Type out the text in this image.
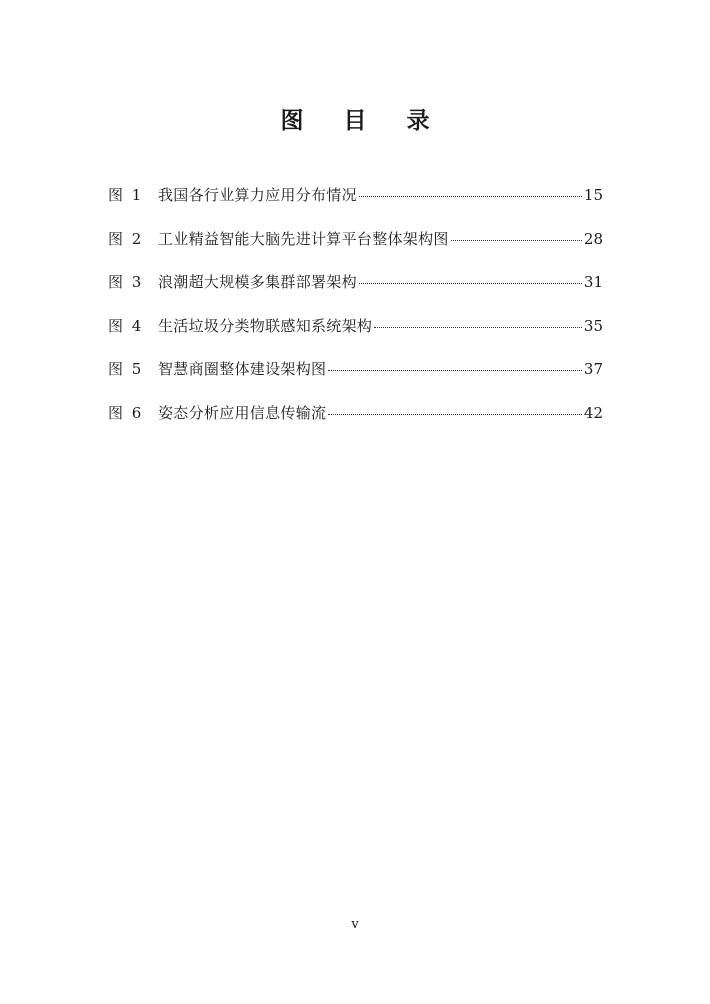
图 目 录
图 1	我国各行业算力应用分布情况	15
图 2	工业精益智能大脑先进计算平台整体架构图	28
图 3	浪潮超大规模多集群部署架构	31
图 4	生活垃圾分类物联感知系统架构	35
图 5	智慧商圈整体建设架构图	37
图 6	姿态分析应用信息传输流	42
v
